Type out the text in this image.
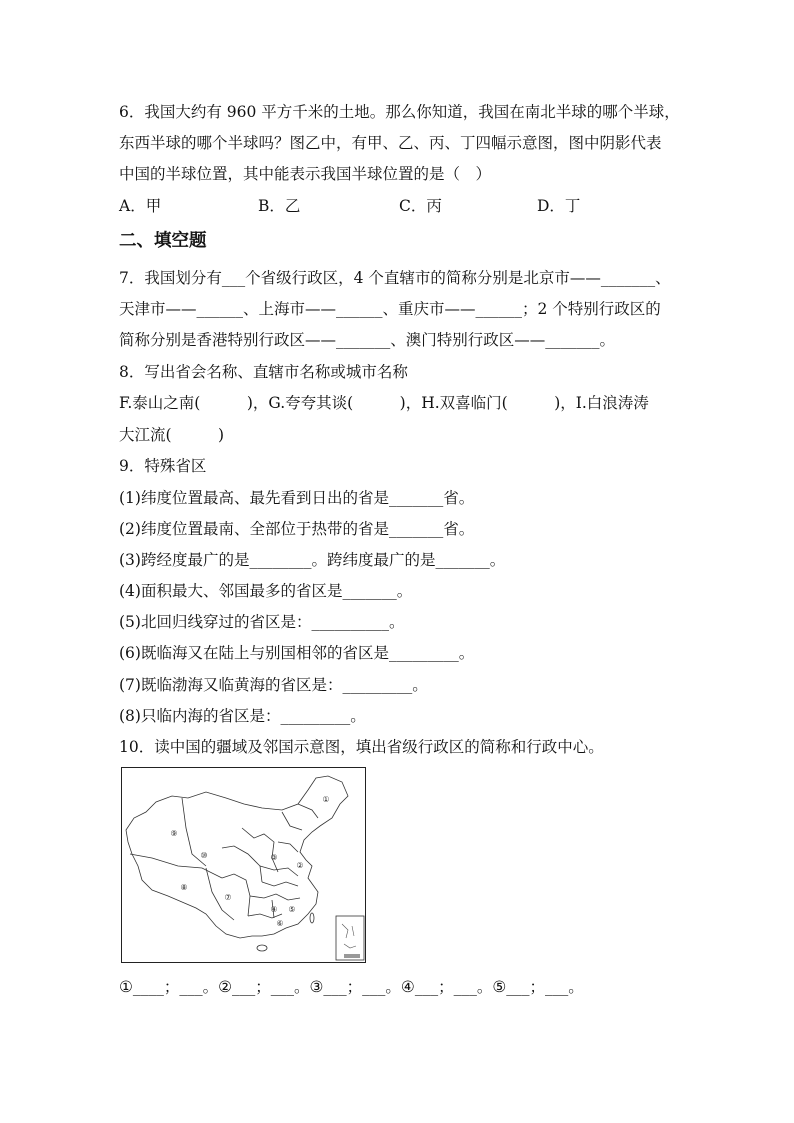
6．我国大约有 960 平方千米的土地。那么你知道，我国在南北半球的哪个半球，
东西半球的哪个半球吗？图乙中，有甲、乙、丙、丁四幅示意图，图中阴影代表
中国的半球位置，其中能表示我国半球位置的是（　）
A．甲	B．乙	C．丙	D．丁
二、填空题
7．我国划分有___个省级行政区，4 个直辖市的简称分别是北京市——_______、
天津市——______、上海市——______、重庆市——______；2 个特别行政区的
简称分别是香港特别行政区——_______、澳门特别行政区——_______。
8．写出省会名称、直辖市名称或城市名称
F.泰山之南(　　　)，G.夸夸其谈(　　　)，H.双喜临门(　　　)，I.白浪涛涛
大江流(　　　)
9．特殊省区
(1)纬度位置最高、最先看到日出的省是_______省。
(2)纬度位置最南、全部位于热带的省是_______省。
(3)跨经度最广的是________。跨纬度最广的是_______。
(4)面积最大、邻国最多的省区是_______。
(5)北回归线穿过的省区是：__________。
(6)既临海又在陆上与别国相邻的省区是_________。
(7)既临渤海又临黄海的省区是：_________。
(8)只临内海的省区是：_________。
10．读中国的疆域及邻国示意图，填出省级行政区的简称和行政中心。
①
②
③
④ ⑤
⑥
⑦
⑧
⑨
⑩
①____；___。②___；___。③___；___。④___；___。⑤___；___。
